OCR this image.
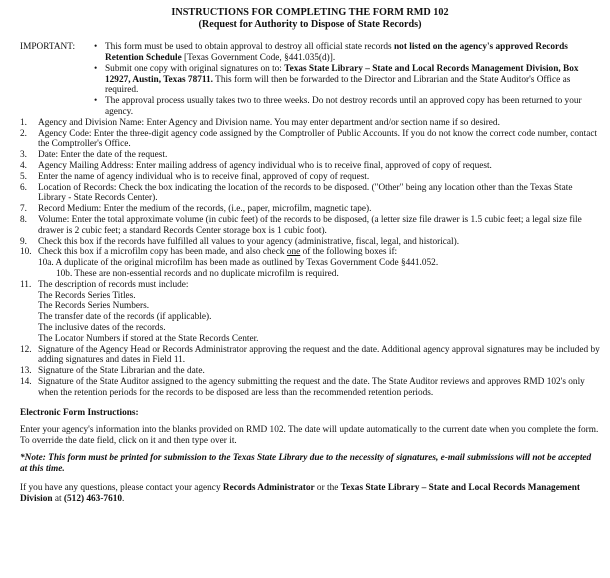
INSTRUCTIONS FOR COMPLETING THE FORM RMD 102
(Request for Authority to Dispose of State Records)
IMPORTANT:	• This form must be used to obtain approval to destroy all official state records not listed on the agency's approved Records Retention Schedule [Texas Government Code, §441.035(d)].
• Submit one copy with original signatures on to: Texas State Library – State and Local Records Management Division, Box 12927, Austin, Texas 78711. This form will then be forwarded to the Director and Librarian and the State Auditor's Office as required.
• The approval process usually takes two to three weeks. Do not destroy records until an approved copy has been returned to your agency.
1.	Agency and Division Name: Enter Agency and Division name. You may enter department and/or section name if so desired.
2.	Agency Code: Enter the three-digit agency code assigned by the Comptroller of Public Accounts. If you do not know the correct code number, contact the Comptroller's Office.
3.	Date: Enter the date of the request.
4.	Agency Mailing Address: Enter mailing address of agency individual who is to receive final, approved of copy of request.
5.	Enter the name of agency individual who is to receive final, approved of copy of request.
6.	Location of Records: Check the box indicating the location of the records to be disposed. ("Other" being any location other than the Texas State Library - State Records Center).
7.	Record Medium: Enter the medium of the records, (i.e., paper, microfilm, magnetic tape).
8.	Volume: Enter the total approximate volume (in cubic feet) of the records to be disposed, (a letter size file drawer is 1.5 cubic feet; a legal size file drawer is 2 cubic feet; a standard Records Center storage box is 1 cubic foot).
9.	Check this box if the records have fulfilled all values to your agency (administrative, fiscal, legal, and historical).
10. Check this box if a microfilm copy has been made, and also check one of the following boxes if:
10a. A duplicate of the original microfilm has been made as outlined by Texas Government Code §441.052.
10b. These are non-essential records and no duplicate microfilm is required.
11. The description of records must include:
The Records Series Titles.
The Records Series Numbers.
The transfer date of the records (if applicable).
The inclusive dates of the records.
The Locator Numbers if stored at the State Records Center.
12. Signature of the Agency Head or Records Administrator approving the request and the date. Additional agency approval signatures may be included by adding signatures and dates in Field 11.
13. Signature of the State Librarian and the date.
14. Signature of the State Auditor assigned to the agency submitting the request and the date. The State Auditor reviews and approves RMD 102's only when the retention periods for the records to be disposed are less than the recommended retention periods.
Electronic Form Instructions:
Enter your agency's information into the blanks provided on RMD 102. The date will update automatically to the current date when you complete the form. To override the date field, click on it and then type over it.
*Note: This form must be printed for submission to the Texas State Library due to the necessity of signatures, e-mail submissions will not be accepted at this time.
If you have any questions, please contact your agency Records Administrator or the Texas State Library – State and Local Records Management Division at (512) 463-7610.
